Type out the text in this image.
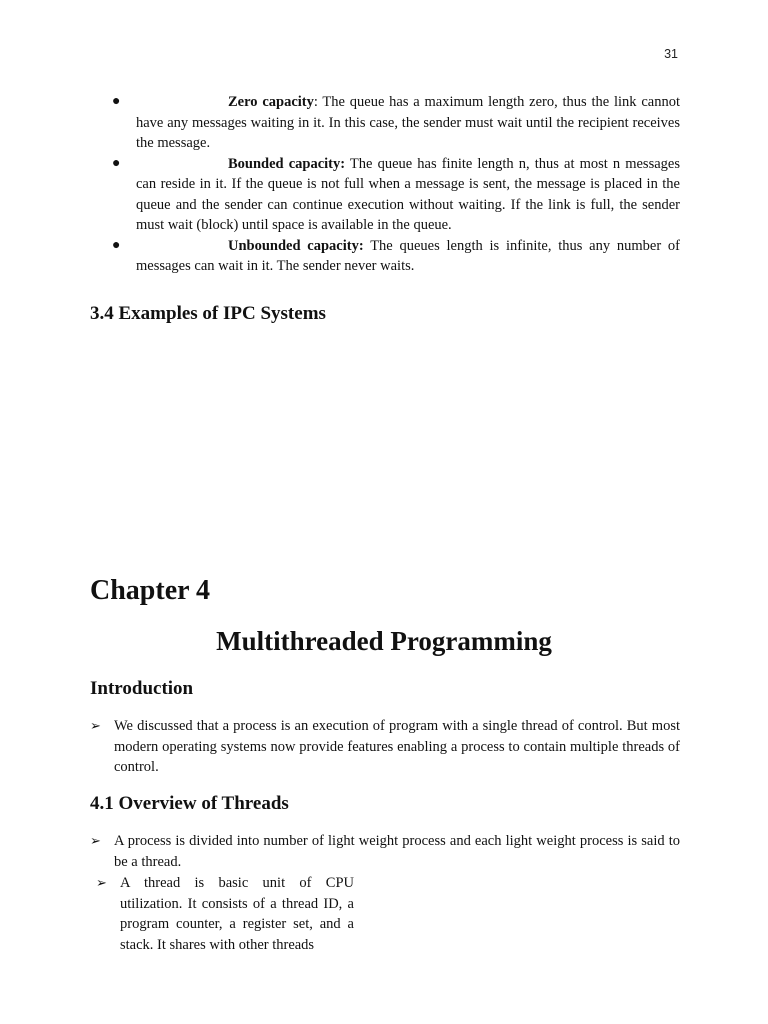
31
●	Zero capacity: The queue has a maximum length zero, thus the link cannot have any messages waiting in it. In this case, the sender must wait until the recipient receives the message.
●	Bounded capacity: The queue has finite length n, thus at most n messages can reside in it. If the queue is not full when a message is sent, the message is placed in the queue and the sender can continue execution without waiting. If the link is full, the sender must wait (block) until space is available in the queue.
●	Unbounded capacity: The queues length is infinite, thus any number of messages can wait in it. The sender never waits.
3.4 Examples of IPC Systems
Chapter 4
Multithreaded Programming
Introduction
➢ We discussed that a process is an execution of program with a single thread of control. But most modern operating systems now provide features enabling a process to contain multiple threads of control.
4.1 Overview of Threads
➢ A process is divided into number of light weight process and each light weight process is said to be a thread.
➢ A thread is basic unit of CPU utilization. It consists of a thread ID, a program counter, a register set, and a stack. It shares with other threads
